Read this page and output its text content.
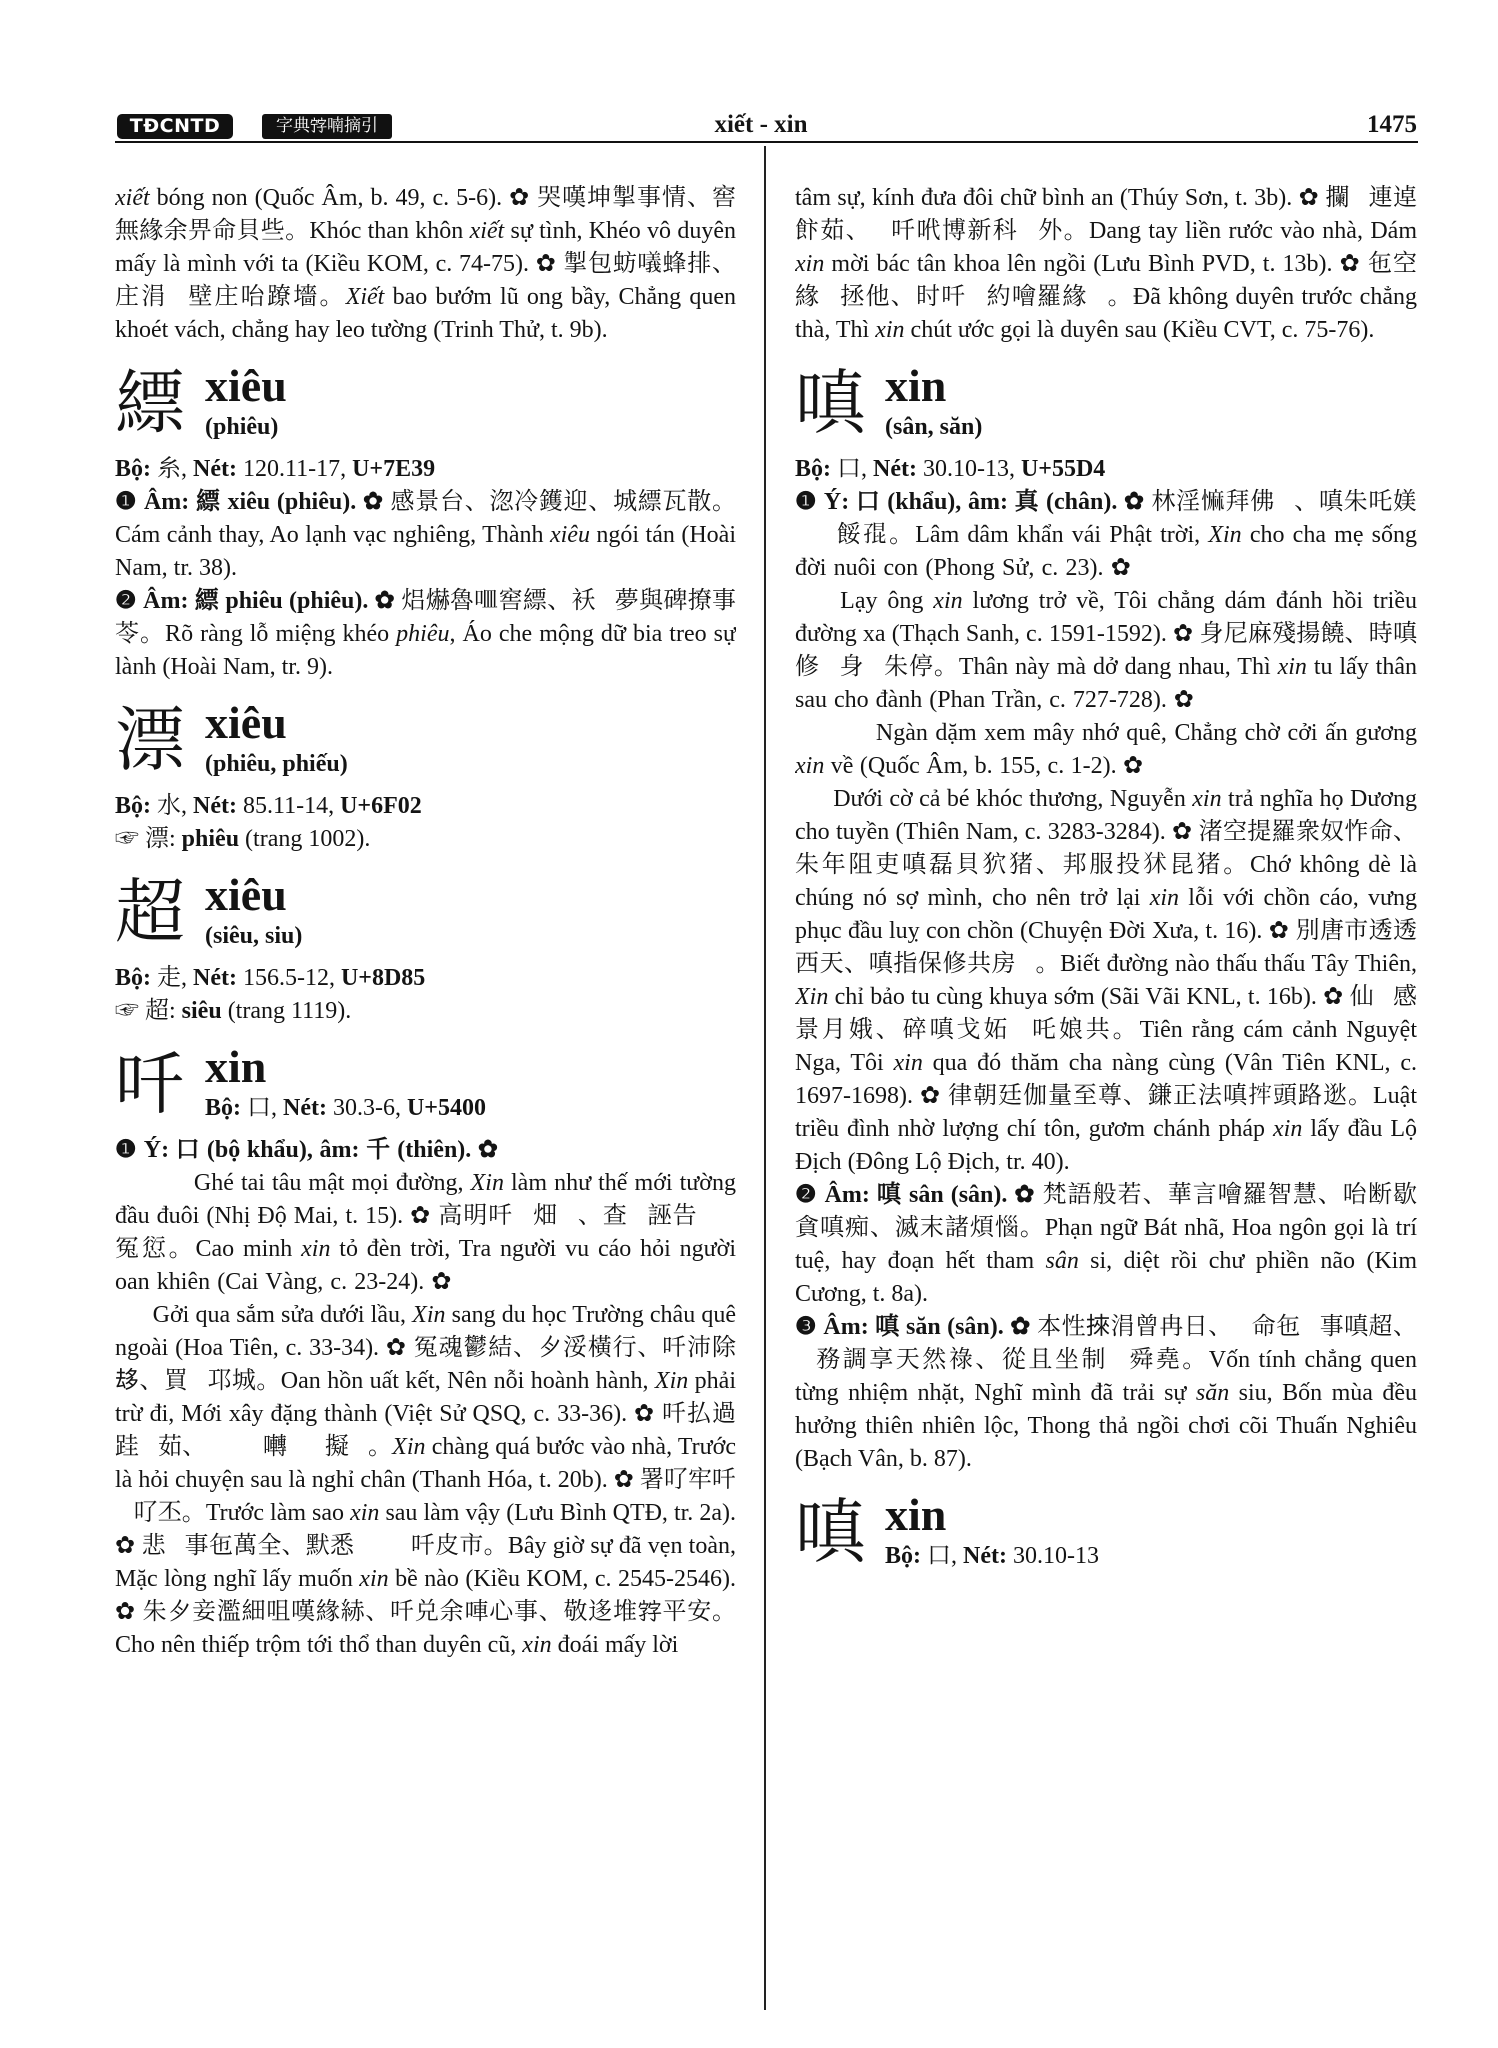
TĐCNTD	字典𡨸喃摘引	xiết - xin	1475

xiết bóng non (Quốc Âm, b. 49, c. 5-6). ✿ 哭嘆坤掣事情、窖無緣余畀命貝些。Khóc than khôn xiết sự tình, Khéo vô duyên mấy là mình với ta (Kiều KOM, c. 74-75). ✿ 掣包蚄𠿿蜂排、庄涓𢲣壁庄咍蹽墻。Xiết bao bướm lũ ong bầy, Chẳng quen khoét vách, chẳng hay leo tường (Trinh Thử, t. 9b).

縹 xiêu
(phiêu)

Bộ: 糸, Nét: 120.11-17, U+7E39

❶ Âm: 縹 xiêu (phiêu). ✿ 感景台、淴冷鑊迎、城縹瓦散。Cám cảnh thay, Ao lạnh vạc nghiêng, Thành xiêu ngói tán (Hoài Nam, tr. 38).

❷ Âm: 縹 phiêu (phiêu). ✿ 焒爀魯𠰘窖縹、袄𩂀夢與碑撩事苓。Rõ ràng lỗ miệng khéo phiêu, Áo che mộng dữ bia treo sự lành (Hoài Nam, tr. 9).

漂 xiêu
(phiêu, phiếu)

Bộ: 水, Nét: 85.11-14, U+6F02

☞ 漂: phiêu (trang 1002).

超 xiêu
(siêu, siu)

Bộ: 走, Nét: 156.5-12, U+8D85

☞ 超: siêu (trang 1119).

吀 xin
Bộ: 口, Nét: 30.3-6, U+5400

❶ Ý: 口 (bộ khẩu), âm: 千 (thiên). ✿ 𦖑聽奏蜜每塘、吀𫜵如世買詳頭𡳜。Ghé tai tâu mật mọi đường, Xin làm như thế mới tường đầu đuôi (Nhị Độ Mai, t. 15). ✿ 高明吀𤇮畑𡗶、查𠊛誣告𢙱𠊛冤愆。Cao minh xin tỏ đèn trời, Tra người vu cáo hỏi người oan khiên (Cai Vàng, c. 23-24). ✿ 𠳒戈𢯢㨂罸楼、吀𨖅遊學長州圭外。Gởi qua sắm sửa dưới lầu, Xin sang du học Trường châu quê ngoài (Hoa Tiên, c. 33-34). ✿ 冤魂鬱結、𫜵浽橫行、吀沛除𠫾、買𡏦邛城。Oan hồn uất kết, Nên nỗi hoành hành, Xin phải trừ đi, Mới xây đặng thành (Việt Sử QSQ, c. 33-36). ✿ 吀払過跬𠓨茹、𠸥𠸥𢙱囀𡢐𠸥擬𨉟。Xin chàng quá bước vào nhà, Trước là hỏi chuyện sau là nghỉ chân (Thanh Hóa, t. 20b). ✿ 署𠮩牢吀𡢐𠮩丕。Trước làm sao xin sau làm vậy (Lưu Bình QTĐ, tr. 2a). ✿ 悲𣇞事㐌萬全、默悉𢴑𢥈𢙱吀皮市。Bây giờ sự đã vẹn toàn, Mặc lòng nghĩ lấy muốn xin bề nào (Kiều KOM, c. 2545-2546). ✿ 朱𫜵妾濫細咀嘆緣𦀗、吀兑余唓心事、敬迻堆𡦂平安。Cho nên thiếp trộm tới thổ than duyên cũ, xin đoái mấy lời

tâm sự, kính đưa đôi chữ bình an (Thúy Sơn, t. 3b). ✿ 攔𢬣連逴飰茹、𢜝吀𠰺博新科𨖲外。Dang tay liền rước vào nhà, Dám xin mời bác tân khoa lên ngồi (Lưu Bình PVD, t. 13b). ✿ 㐌空緣𠓀拯他、时吀𧵑約噲羅緣𡢐。Đã không duyên trước chẳng thà, Thì xin chút ước gọi là duyên sau (Kiều CVT, c. 75-76).

嗔 xin
(sân, săn)

Bộ: 口, Nét: 30.10-13, U+55D4

❶ Ý: 口 (khẩu), âm: 真 (chân). ✿ 林淫𢠩拜佛𡗶、嗔朱吒媄𢀭𣈜餒𡥵。Lâm dâm khẩn vái Phật trời, Xin cho cha mẹ sống đời nuôi con (Phong Sử, c. 23). ✿ 𥛉翁嗔糧阻術、碎庄𢜝打回朝唐賒。Lạy ông xin lương trở về, Tôi chẳng dám đánh hồi triều đường xa (Thạch Sanh, c. 1591-1592). ✿ 身尼麻殘揚饒、時嗔修𥙩身𡢐朱停。Thân này mà dở dang nhau, Thì xin tu lấy thân sau cho đành (Phan Trần, c. 727-728). ✿ 𨃻𨀈𥉫𩄲汝圭、拯除撸印强嗔術。Ngàn dặm xem mây nhớ quê, Chẳng chờ cởi ấn gương xin về (Quốc Âm, b. 155, c. 1-2). ✿ 𨑗旗奇𡮣哭傷、願嗔把義户楊朱全。Dưới cờ cả bé khóc thương, Nguyễn xin trả nghĩa họ Dương cho tuyền (Thiên Nam, c. 3283-3284). ✿ 渚空提羅衆奴怍命、朱年阻吏嗔磊貝狖猪、邦服投𤝞昆猪。Chớ không dè là chúng nó sợ mình, cho nên trở lại xin lỗi với chồn cáo, vưng phục đầu luỵ con chồn (Chuyện Đời Xưa, t. 16). ✿ 別唐市透透西天、嗔指保修共房𡗉。Biết đường nào thấu thấu Tây Thiên, Xin chỉ bảo tu cùng khuya sớm (Sãi Vãi KNL, t. 16b). ✿ 仙𠴍感景月娥、碎嗔戈妬𥄭吒娘共。Tiên rằng cám cảnh Nguyệt Nga, Tôi xin qua đó thăm cha nàng cùng (Vân Tiên KNL, c. 1697-1698). ✿ 律朝廷伽量至尊、鎌正法嗔𢭂頭路逖。Luật triều đình nhờ lượng chí tôn, gươm chánh pháp xin lấy đầu Lộ Địch (Đông Lộ Địch, tr. 40).

❷ Âm: 嗔 sân (sân). ✿ 梵語般若、華言噲羅智慧、咍断歇貪嗔痴、滅末諸煩惱。Phạn ngữ Bát nhã, Hoa ngôn gọi là trí tuệ, hay đoạn hết tham sân si, diệt rồi chư phiền não (Kim Cương, t. 8a).

❸ Âm: 嗔 săn (sân). ✿ 本性𢯦涓曾冉日、𢪀命㐌𢭸事嗔超、𦊚務調享天然祿、從且坐制𡍚舜堯。Vốn tính chẳng quen từng nhiệm nhặt, Nghĩ mình đã trải sự săn siu, Bốn mùa đều hưởng thiên nhiên lộc, Thong thả ngồi chơi cõi Thuấn Nghiêu (Bạch Vân, b. 87).

嗔 xin
Bộ: 口, Nét: 30.10-13
